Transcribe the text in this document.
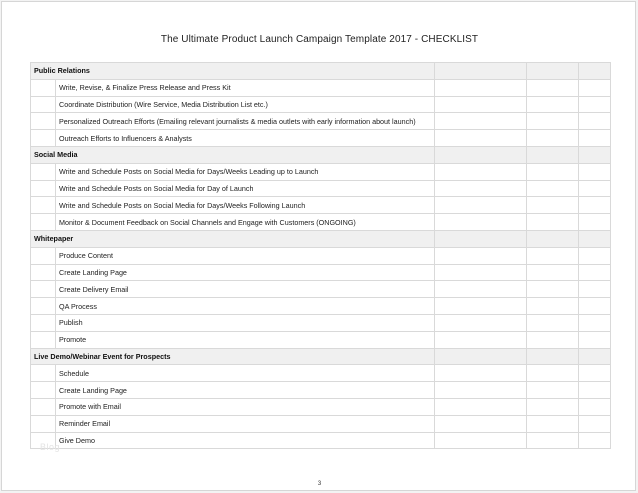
The Ultimate Product Launch Campaign Template 2017 - CHECKLIST
Public Relations			

Write, Revise, & Finalize Press Release and Press Kit			

Coordinate Distribution (Wire Service, Media Distribution List etc.)			

Personalized Outreach Efforts (Emailing relevant journalists & media outlets with early information about launch)			

Outreach Efforts to Influencers & Analysts			

Social Media			

Write and Schedule Posts on Social Media for Days/Weeks Leading up to Launch			

Write and Schedule Posts on Social Media for Day of Launch			

Write and Schedule Posts on Social Media for Days/Weeks Following Launch			

Monitor & Document Feedback on Social Channels and Engage with Customers (ONGOING)			

Whitepaper			

Produce Content			

Create Landing Page			

Create Delivery Email			

QA Process			

Publish			

Promote			

Live Demo/Webinar Event for Prospects			

Schedule			

Create Landing Page			

Promote with Email			

Reminder Email			

Give Demo			

Blog
3
